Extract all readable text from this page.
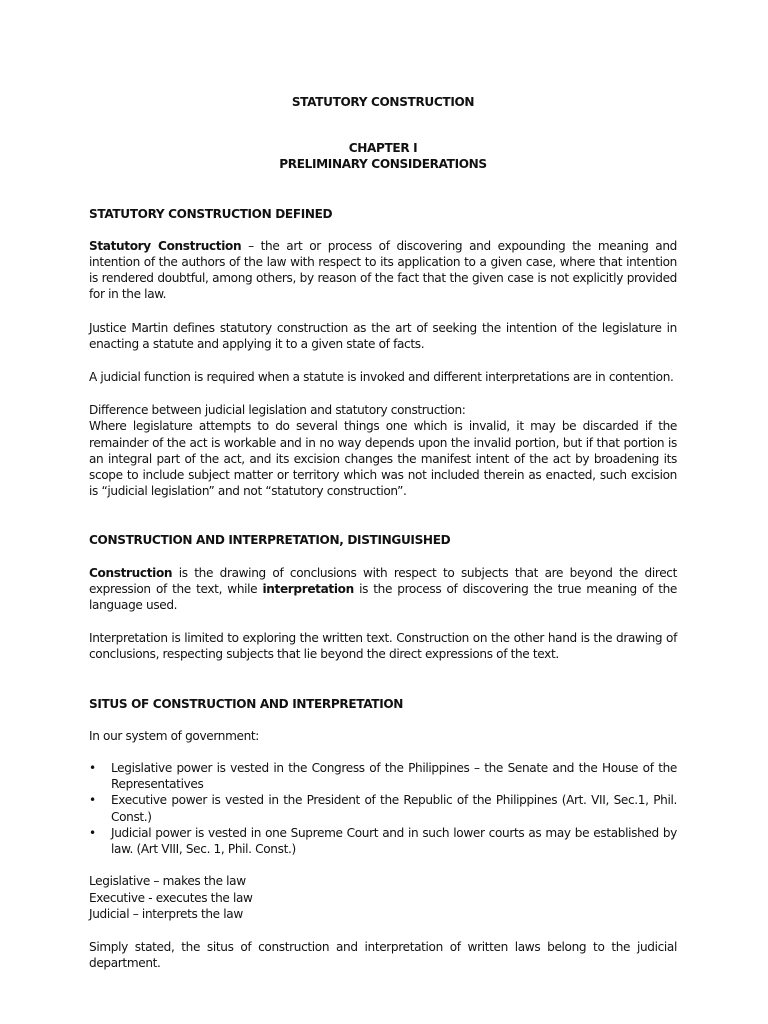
STATUTORY CONSTRUCTION
CHAPTER I
PRELIMINARY CONSIDERATIONS
STATUTORY CONSTRUCTION DEFINED

Statutory Construction – the art or process of discovering and expounding the meaning and intention of the authors of the law with respect to its application to a given case, where that intention is rendered doubtful, among others, by reason of the fact that the given case is not explicitly provided for in the law.

Justice Martin defines statutory construction as the art of seeking the intention of the legislature in enacting a statute and applying it to a given state of facts.

A judicial function is required when a statute is invoked and different interpretations are in contention.

Difference between judicial legislation and statutory construction:
Where legislature attempts to do several things one which is invalid, it may be discarded if the remainder of the act is workable and in no way depends upon the invalid portion, but if that portion is an integral part of the act, and its excision changes the manifest intent of the act by broadening its scope to include subject matter or territory which was not included therein as enacted, such excision is “judicial legislation” and not “statutory construction”.

CONSTRUCTION AND INTERPRETATION, DISTINGUISHED

Construction is the drawing of conclusions with respect to subjects that are beyond the direct expression of the text, while interpretation is the process of discovering the true meaning of the language used.

Interpretation is limited to exploring the written text. Construction on the other hand is the drawing of conclusions, respecting subjects that lie beyond the direct expressions of the text.

SITUS OF CONSTRUCTION AND INTERPRETATION

In our system of government:

• Legislative power is vested in the Congress of the Philippines – the Senate and the House of the Representatives
• Executive power is vested in the President of the Republic of the Philippines (Art. VII, Sec.1, Phil. Const.)
• Judicial power is vested in one Supreme Court and in such lower courts as may be established by law. (Art VIII, Sec. 1, Phil. Const.)
Legislative – makes the law
Executive - executes the law
Judicial – interprets the law

Simply stated, the situs of construction and interpretation of written laws belong to the judicial department.
